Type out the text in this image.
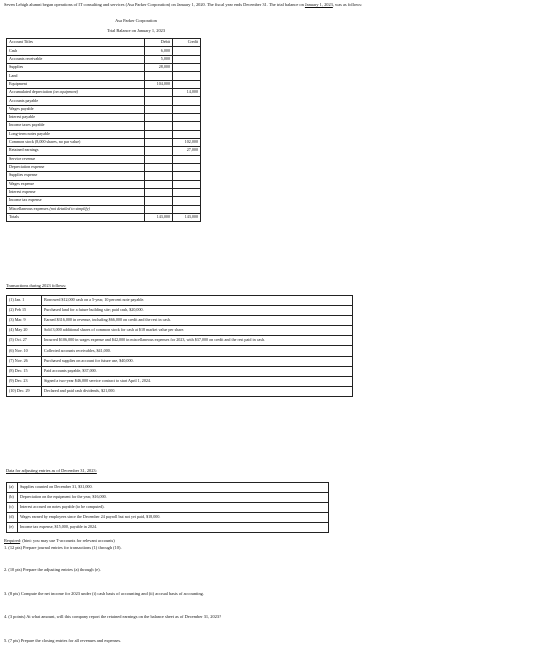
Seven Lehigh alumni began operations of IT consulting and services (Asa Parker Corporation) on January 1, 2020. The fiscal year ends December 31. The trial balance on January 1, 2023, was as follows:
Asa Parker Corporation
Trial Balance on January 1, 2023
Account Titles	Debit	Credit
Cash	6,000	
Accounts receivable	5,000	
Supplies	28,000	
Land		
Equipment	104,000	
Accumulated depreciation (on equipment)		14,000
Accounts payable		
Wages payable		
Interest payable		
Income taxes payable		
Long-term notes payable		
Common stock (8,000 shares, no par value)		102,000
Retained earnings		27,000
Service revenue		
Depreciation expense		
Supplies expense		
Wages expense		
Interest expense		
Income tax expense		
Miscellaneous expenses (not detailed to simplify)		
Totals	143,000	143,000
Transactions during 2023 follows:
(1) Jan. 1	Borrowed $12,000 cash on a 5-year, 10 percent note payable.
(2) Feb 15	Purchased land for a future building site; paid cash, $20,000.
(3) Mar. 9	Earned $316,000 in revenue, including $66,000 on credit and the rest in cash.
(4) May 20	Sold 3,000 additional shares of common stock for cash at $18 market value per share.
(5) Oct. 27	Incurred $106,000 in wages expense and $42,000 in miscellaneous expenses for 2023, with $37,000 on credit and the rest paid in cash.
(6) Nov. 10	Collected accounts receivables, $41,000.
(7) Nov. 26	Purchased supplies on account for future use, $40,000.
(8) Dec. 15	Paid accounts payable, $37,000.
(9) Dec. 23	Signed a two-year $46,000 service contract to start April 1, 2024.
(10) Dec. 29	Declared and paid cash dividends, $21,000.
Data for adjusting entries as of December 31, 2023:
(a)	Supplies counted on December 31, $31,000.
(b)	Depreciation on the equipment for the year, $16,000.
(c)	Interest accrued on notes payable (to be computed).
(d)	Wages earned by employees since the December 24 payroll but not yet paid, $18,000.
(e)	Income tax expense, $15,000, payable in 2024.
Required: (hint: you may use T-accounts for relevant accounts)
1. (12 pts) Prepare journal entries for transactions (1) through (10).
2. (10 pts) Prepare the adjusting entries (a) through (e).
3. (8 pts) Compute the net income for 2023 under (i) cash basis of accounting and (ii) accrual basis of accounting.
4. (3 points) At what amount, will this company report the retained earnings on the balance sheet as of December 31, 2023?
5. (7 pts) Prepare the closing entries for all revenues and expenses.
